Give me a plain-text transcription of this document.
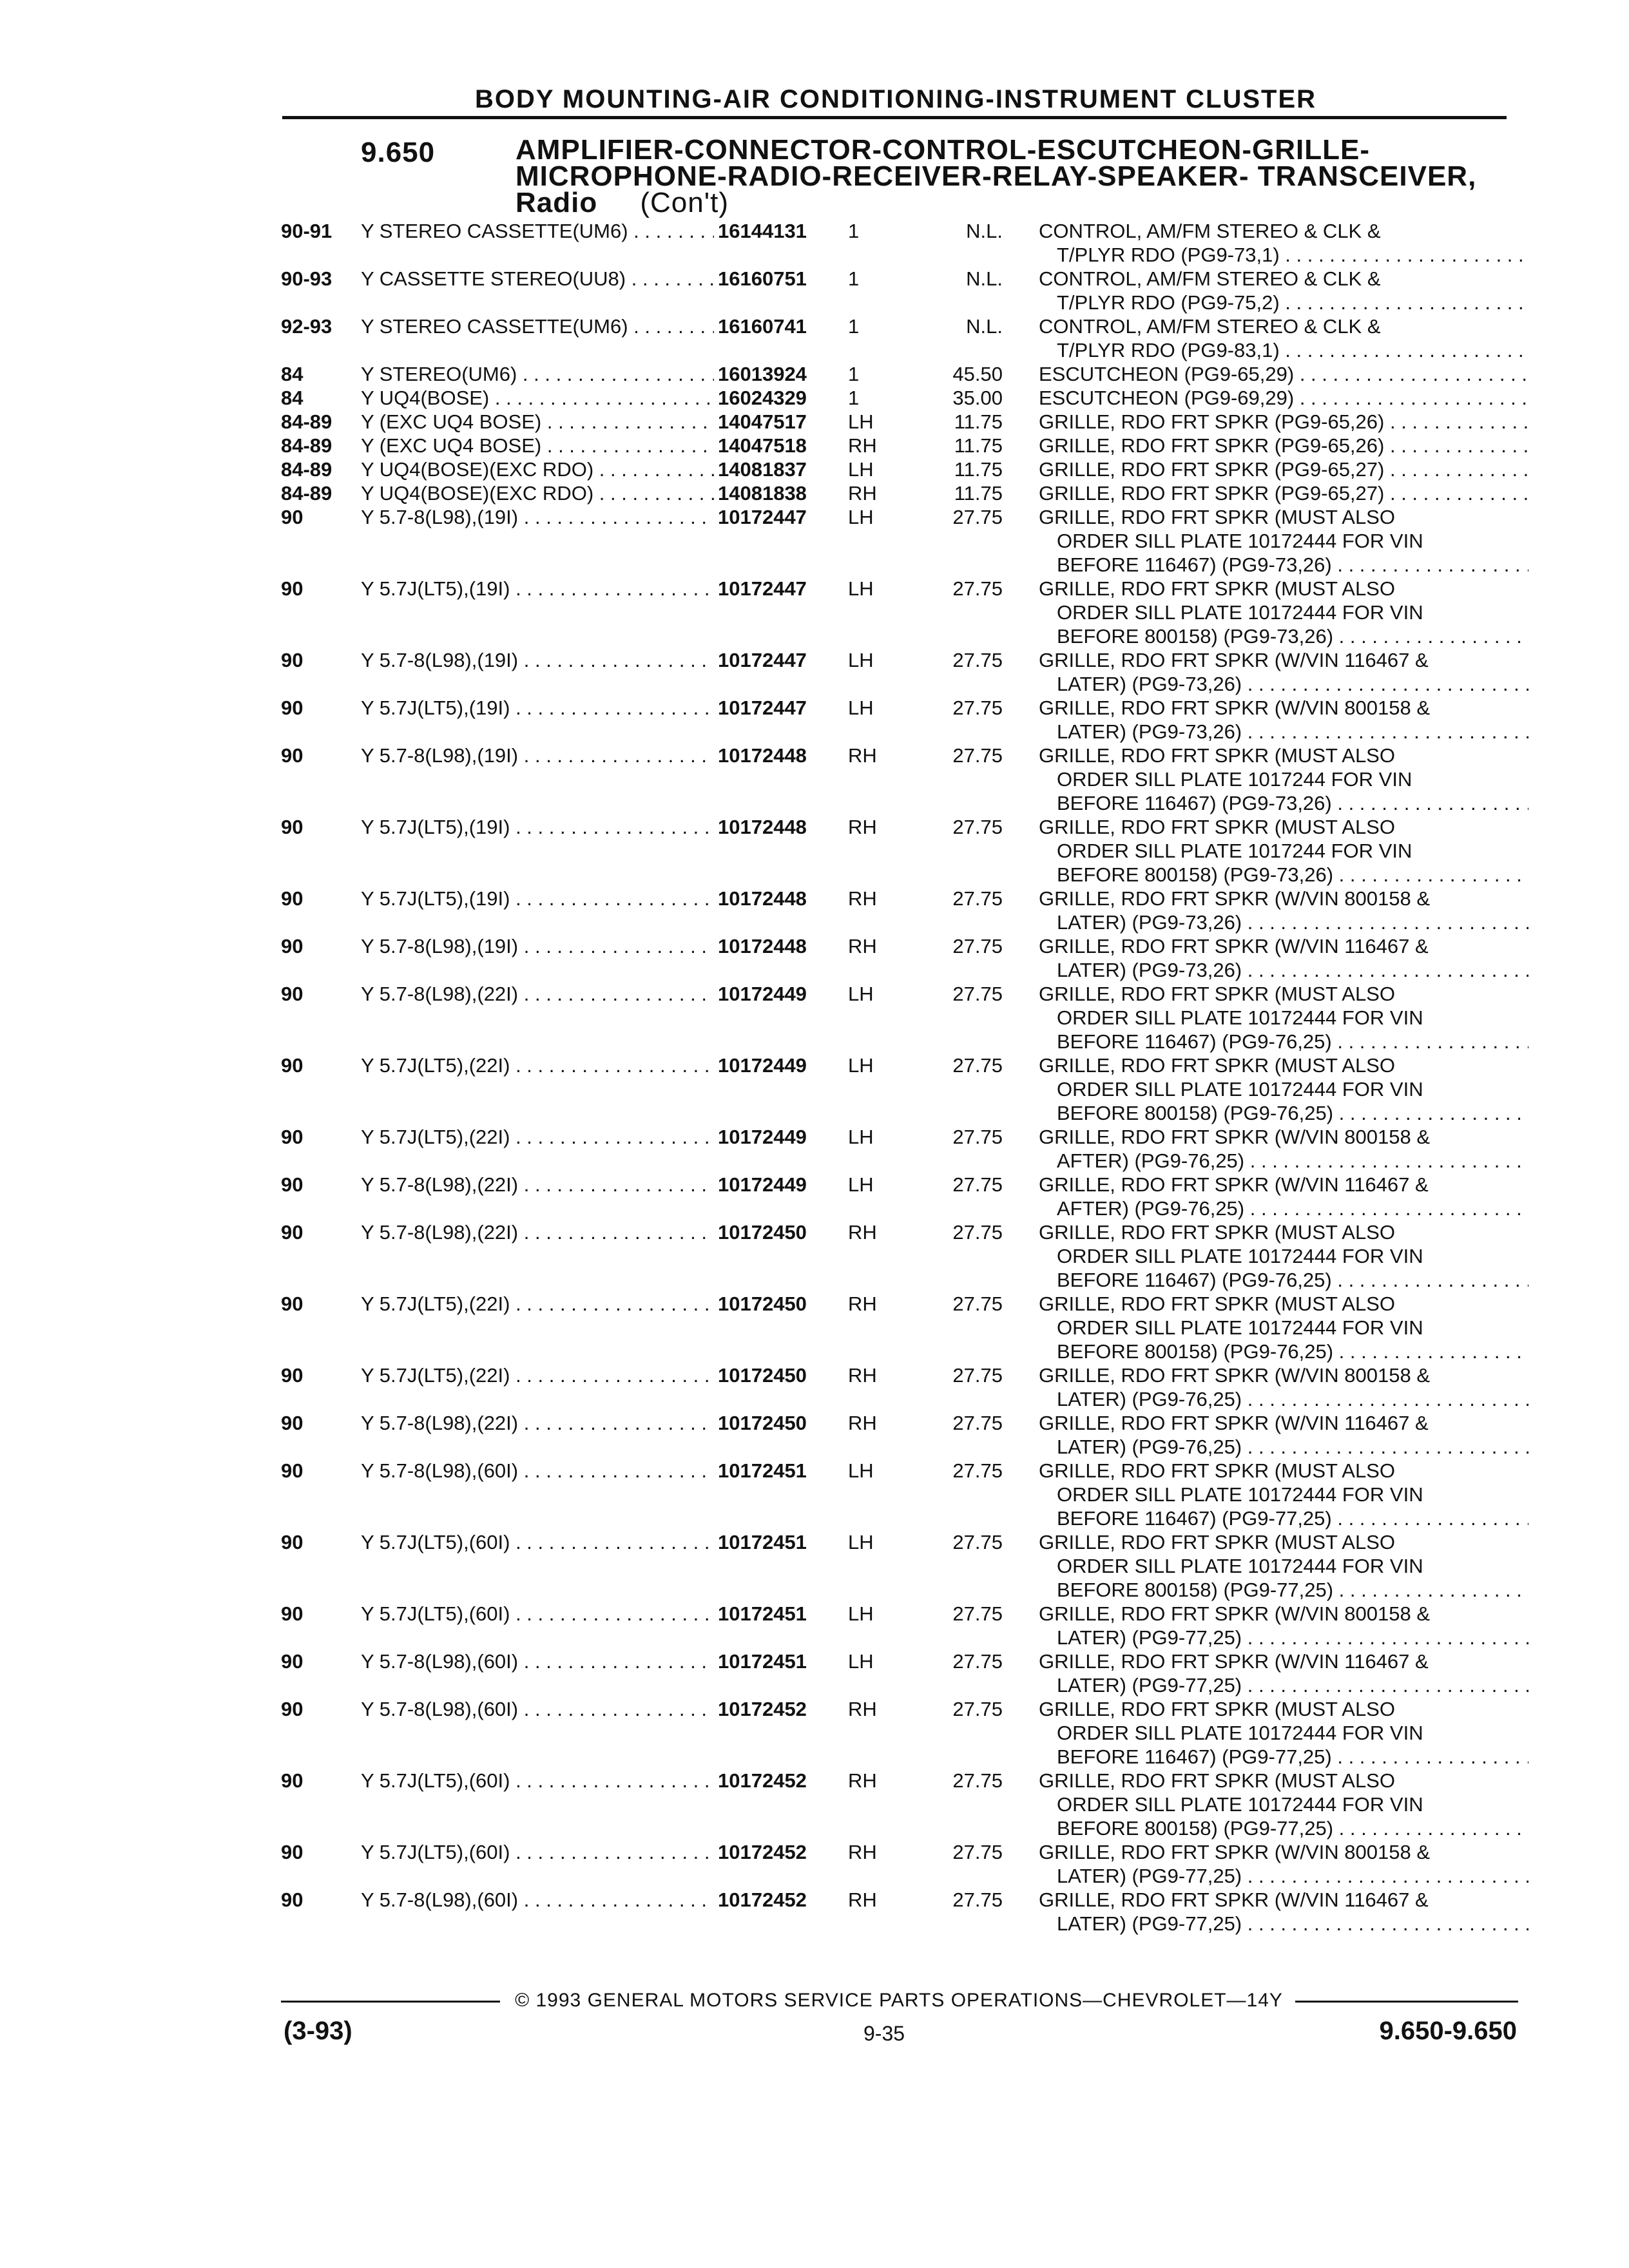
BODY MOUNTING-AIR CONDITIONING-INSTRUMENT CLUSTER
9.650	AMPLIFIER-CONNECTOR-CONTROL-ESCUTCHEON-GRILLE-
MICROPHONE-RADIO-RECEIVER-RELAY-SPEAKER- TRANSCEIVER,
Radio (Con't)
90-91 Y STEREO CASSETTE(UM6) . . .	16144131 1	N.L. CONTROL, AM/FM STEREO & CLK &
T/PLYR RDO (PG9-73,1) . . .
90-93 Y CASSETTE STEREO(UU8) . . .	16160751 1	N.L. CONTROL, AM/FM STEREO & CLK &
T/PLYR RDO (PG9-75,2) . . .
92-93 Y STEREO CASSETTE(UM6) . . .	16160741 1	N.L. CONTROL, AM/FM STEREO & CLK &
T/PLYR RDO (PG9-83,1) . . .
84	Y STEREO(UM6) . . .	16013924 1	45.50 ESCUTCHEON (PG9-65,29) . . .
84	Y UQ4(BOSE) . . .	16024329 1	35.00 ESCUTCHEON (PG9-69,29) . . .
84-89 Y (EXC UQ4 BOSE) . . .	14047517 LH	11.75 GRILLE, RDO FRT SPKR (PG9-65,26) . . .
84-89 Y (EXC UQ4 BOSE) . . .	14047518 RH	11.75 GRILLE, RDO FRT SPKR (PG9-65,26) . . .
84-89 Y UQ4(BOSE)(EXC RDO) . . .	14081837 LH	11.75 GRILLE, RDO FRT SPKR (PG9-65,27) . . .
84-89 Y UQ4(BOSE)(EXC RDO) . . .	14081838 RH	11.75 GRILLE, RDO FRT SPKR (PG9-65,27) . . .
90	Y 5.7-8(L98),(19I) . . .	10172447 LH	27.75 GRILLE, RDO FRT SPKR (MUST ALSO
ORDER SILL PLATE 10172444 FOR VIN
BEFORE 116467) (PG9-73,26) . . .
90	Y 5.7J(LT5),(19I) . . .	10172447 LH	27.75 GRILLE, RDO FRT SPKR (MUST ALSO
ORDER SILL PLATE 10172444 FOR VIN
BEFORE 800158) (PG9-73,26) . . .
90	Y 5.7-8(L98),(19I) . . .	10172447 LH	27.75 GRILLE, RDO FRT SPKR (W/VIN 116467 &
LATER) (PG9-73,26) . . .
90	Y 5.7J(LT5),(19I) . . .	10172447 LH	27.75 GRILLE, RDO FRT SPKR (W/VIN 800158 &
LATER) (PG9-73,26) . . .
90	Y 5.7-8(L98),(19I) . . .	10172448 RH	27.75 GRILLE, RDO FRT SPKR (MUST ALSO
ORDER SILL PLATE 1017244 FOR VIN
BEFORE 116467) (PG9-73,26) . . .
90	Y 5.7J(LT5),(19I) . . .	10172448 RH	27.75 GRILLE, RDO FRT SPKR (MUST ALSO
ORDER SILL PLATE 1017244 FOR VIN
BEFORE 800158) (PG9-73,26) . . .
90	Y 5.7J(LT5),(19I) . . .	10172448 RH	27.75 GRILLE, RDO FRT SPKR (W/VIN 800158 &
LATER) (PG9-73,26) . . .
90	Y 5.7-8(L98),(19I) . . .	10172448 RH	27.75 GRILLE, RDO FRT SPKR (W/VIN 116467 &
LATER) (PG9-73,26) . . .
90	Y 5.7-8(L98),(22I) . . .	10172449 LH	27.75 GRILLE, RDO FRT SPKR (MUST ALSO
ORDER SILL PLATE 10172444 FOR VIN
BEFORE 116467) (PG9-76,25) . . .
90	Y 5.7J(LT5),(22I) . . .	10172449 LH	27.75 GRILLE, RDO FRT SPKR (MUST ALSO
ORDER SILL PLATE 10172444 FOR VIN
BEFORE 800158) (PG9-76,25) . . .
90	Y 5.7J(LT5),(22I) . . .	10172449 LH	27.75 GRILLE, RDO FRT SPKR (W/VIN 800158 &
AFTER) (PG9-76,25) . . .
90	Y 5.7-8(L98),(22I) . . .	10172449 LH	27.75 GRILLE, RDO FRT SPKR (W/VIN 116467 &
AFTER) (PG9-76,25) . . .
90	Y 5.7-8(L98),(22I) . . .	10172450 RH	27.75 GRILLE, RDO FRT SPKR (MUST ALSO
ORDER SILL PLATE 10172444 FOR VIN
BEFORE 116467) (PG9-76,25) . . .
90	Y 5.7J(LT5),(22I) . . .	10172450 RH	27.75 GRILLE, RDO FRT SPKR (MUST ALSO
ORDER SILL PLATE 10172444 FOR VIN
BEFORE 800158) (PG9-76,25) . . .
90	Y 5.7J(LT5),(22I) . . .	10172450 RH	27.75 GRILLE, RDO FRT SPKR (W/VIN 800158 &
LATER) (PG9-76,25) . . .
90	Y 5.7-8(L98),(22I) . . .	10172450 RH	27.75 GRILLE, RDO FRT SPKR (W/VIN 116467 &
LATER) (PG9-76,25) . . .
90	Y 5.7-8(L98),(60I) . . .	10172451 LH	27.75 GRILLE, RDO FRT SPKR (MUST ALSO
ORDER SILL PLATE 10172444 FOR VIN
BEFORE 116467) (PG9-77,25) . . .
90	Y 5.7J(LT5),(60I) . . .	10172451 LH	27.75 GRILLE, RDO FRT SPKR (MUST ALSO
ORDER SILL PLATE 10172444 FOR VIN
BEFORE 800158) (PG9-77,25) . . .
90	Y 5.7J(LT5),(60I) . . .	10172451 LH	27.75 GRILLE, RDO FRT SPKR (W/VIN 800158 &
LATER) (PG9-77,25) . . .
90	Y 5.7-8(L98),(60I) . . .	10172451 LH	27.75 GRILLE, RDO FRT SPKR (W/VIN 116467 &
LATER) (PG9-77,25) . . .
90	Y 5.7-8(L98),(60I) . . .	10172452 RH	27.75 GRILLE, RDO FRT SPKR (MUST ALSO
ORDER SILL PLATE 10172444 FOR VIN
BEFORE 116467) (PG9-77,25) . . .
90	Y 5.7J(LT5),(60I) . . .	10172452 RH	27.75 GRILLE, RDO FRT SPKR (MUST ALSO
ORDER SILL PLATE 10172444 FOR VIN
BEFORE 800158) (PG9-77,25) . . .
90	Y 5.7J(LT5),(60I) . . .	10172452 RH	27.75 GRILLE, RDO FRT SPKR (W/VIN 800158 &
LATER) (PG9-77,25) . . .
90	Y 5.7-8(L98),(60I) . . .	10172452 RH	27.75 GRILLE, RDO FRT SPKR (W/VIN 116467 &
LATER) (PG9-77,25) . . .
© 1993 GENERAL MOTORS SERVICE PARTS OPERATIONS—CHEVROLET—14Y
(3-93)	9-35	9.650-9.650
